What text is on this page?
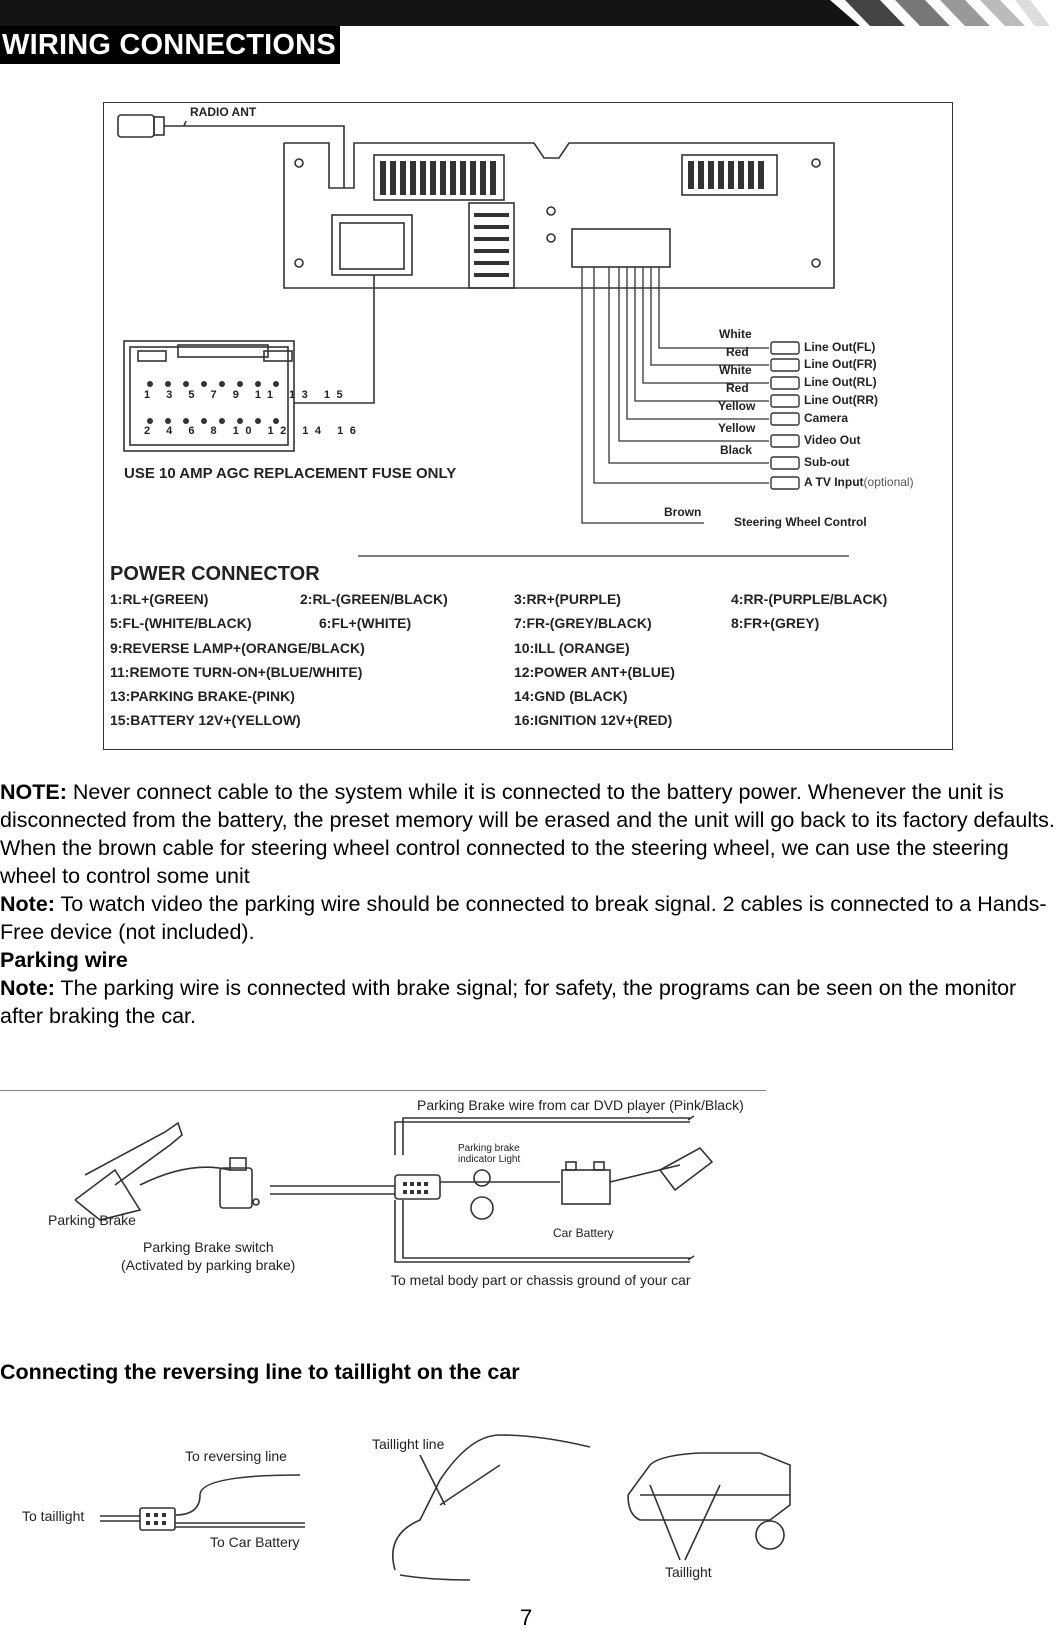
WIRING CONNECTIONS
RADIO ANT
1 3 5 7 9 11 13 15
2 4 6 8 10 12 14 16
USE 10 AMP AGC REPLACEMENT FUSE ONLY
White
Line Out(FL)
Red
Line Out(FR)
White
Line Out(RL)
Red
Line Out(RR)
Yellow
Camera
Yellow
Video Out
Black
Sub-out
A TV Input(optional)
Brown
Steering Wheel Control
POWER CONNECTOR
1:RL+(GREEN)	2:RL-(GREEN/BLACK)	3:RR+(PURPLE)	4:RR-(PURPLE/BLACK)
5:FL-(WHITE/BLACK)	6:FL+(WHITE)	7:FR-(GREY/BLACK)	8:FR+(GREY)
9:REVERSE LAMP+(ORANGE/BLACK)	10:ILL (ORANGE)
11:REMOTE TURN-ON+(BLUE/WHITE)	12:POWER ANT+(BLUE)
13:PARKING BRAKE-(PINK)	14:GND (BLACK)
15:BATTERY 12V+(YELLOW)	16:IGNITION 12V+(RED)

NOTE: Never connect cable to the system while it is connected to the battery power. Whenever the unit is disconnected from the battery, the preset memory will be erased and the unit will go back to its factory defaults.

When the brown cable for steering wheel control connected to the steering wheel, we can use the steering wheel to control some unit

Note: To watch video the parking wire should be connected to break signal. 2 cables is connected to a Hands-Free device (not included).

Parking wire

Note: The parking wire is connected with brake signal; for safety, the programs can be seen on the monitor after braking the car.

Parking Brake wire from car DVD player (Pink/Black)
Parking brake
indicator Light
Car Battery
Parking Brake
Parking Brake switch
(Activated by parking brake)
To metal body part or chassis ground of your car
Connecting the reversing line to taillight on the car
To reversing line
To taillight
To Car Battery
Taillight line
Taillight
7
